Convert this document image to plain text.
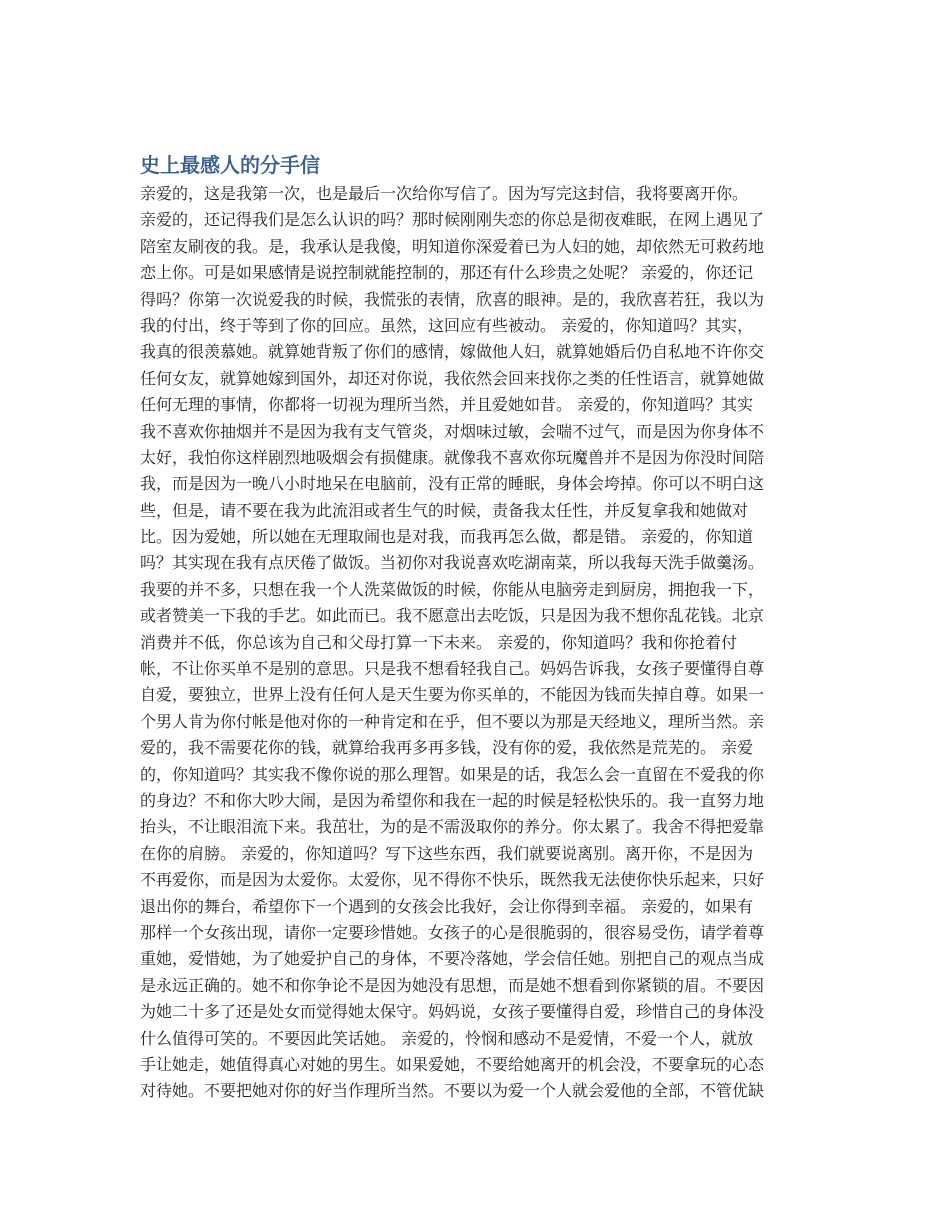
史上最感人的分手信
亲爱的，这是我第一次，也是最后一次给你写信了。因为写完这封信，我将要离开你。
亲爱的，还记得我们是怎么认识的吗？那时候刚刚失恋的你总是彻夜难眠，在网上遇见了
陪室友刷夜的我。是，我承认是我傻，明知道你深爱着已为人妇的她，却依然无可救药地
恋上你。可是如果感情是说控制就能控制的，那还有什么珍贵之处呢？ 亲爱的，你还记
得吗？你第一次说爱我的时候，我慌张的表情，欣喜的眼神。是的，我欣喜若狂，我以为
我的付出，终于等到了你的回应。虽然，这回应有些被动。 亲爱的，你知道吗？其实，
我真的很羡慕她。就算她背叛了你们的感情，嫁做他人妇，就算她婚后仍自私地不许你交
任何女友，就算她嫁到国外，却还对你说，我依然会回来找你之类的任性语言，就算她做
任何无理的事情，你都将一切视为理所当然，并且爱她如昔。 亲爱的，你知道吗？其实
我不喜欢你抽烟并不是因为我有支气管炎，对烟味过敏，会喘不过气，而是因为你身体不
太好，我怕你这样剧烈地吸烟会有损健康。就像我不喜欢你玩魔兽并不是因为你没时间陪
我，而是因为一晚八小时地呆在电脑前，没有正常的睡眠，身体会垮掉。你可以不明白这
些，但是，请不要在我为此流泪或者生气的时候，责备我太任性，并反复拿我和她做对
比。因为爱她，所以她在无理取闹也是对我，而我再怎么做，都是错。 亲爱的，你知道
吗？其实现在我有点厌倦了做饭。当初你对我说喜欢吃湖南菜，所以我每天洗手做羹汤。
我要的并不多，只想在我一个人洗菜做饭的时候，你能从电脑旁走到厨房，拥抱我一下，
或者赞美一下我的手艺。如此而已。我不愿意出去吃饭，只是因为我不想你乱花钱。北京
消费并不低，你总该为自己和父母打算一下未来。 亲爱的，你知道吗？我和你抢着付
帐，不让你买单不是别的意思。只是我不想看轻我自己。妈妈告诉我，女孩子要懂得自尊
自爱，要独立，世界上没有任何人是天生要为你买单的，不能因为钱而失掉自尊。如果一
个男人肯为你付帐是他对你的一种肯定和在乎，但不要以为那是天经地义，理所当然。亲
爱的，我不需要花你的钱，就算给我再多再多钱，没有你的爱，我依然是荒芜的。 亲爱
的，你知道吗？其实我不像你说的那么理智。如果是的话，我怎么会一直留在不爱我的你
的身边？不和你大吵大闹，是因为希望你和我在一起的时候是轻松快乐的。我一直努力地
抬头，不让眼泪流下来。我茁壮，为的是不需汲取你的养分。你太累了。我舍不得把爱靠
在你的肩膀。 亲爱的，你知道吗？写下这些东西，我们就要说离别。离开你，不是因为
不再爱你，而是因为太爱你。太爱你，见不得你不快乐，既然我无法使你快乐起来，只好
退出你的舞台，希望你下一个遇到的女孩会比我好，会让你得到幸福。 亲爱的，如果有
那样一个女孩出现，请你一定要珍惜她。女孩子的心是很脆弱的，很容易受伤，请学着尊
重她，爱惜她，为了她爱护自己的身体，不要冷落她，学会信任她。别把自己的观点当成
是永远正确的。她不和你争论不是因为她没有思想，而是她不想看到你紧锁的眉。不要因
为她二十多了还是处女而觉得她太保守。妈妈说，女孩子要懂得自爱，珍惜自己的身体没
什么值得可笑的。不要因此笑话她。 亲爱的，怜悯和感动不是爱情，不爱一个人，就放
手让她走，她值得真心对她的男生。如果爱她，不要给她离开的机会没，不要拿玩的心态
对待她。不要把她对你的好当作理所当然。不要以为爱一个人就会爱他的全部，不管优缺
